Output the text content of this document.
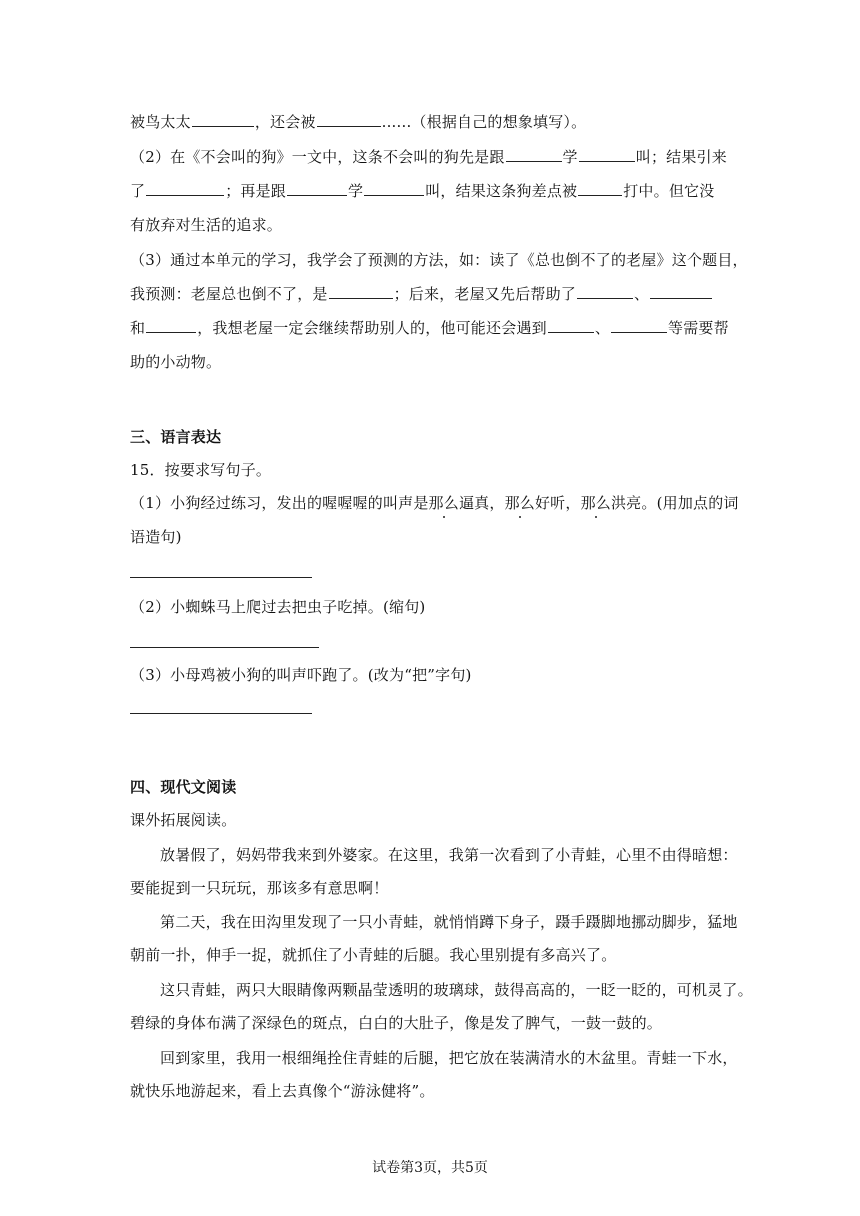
被鸟太太	，还会被	......（根据自己的想象填写）。
（2）在《不会叫的狗》一文中，这条不会叫的狗先是跟	学	叫；结果引来
了	；再是跟	学	叫，结果这条狗差点被	打中。但它没
有放弃对生活的追求。
（3）通过本单元的学习，我学会了预测的方法，如：读了《总也倒不了的老屋》这个题目，
我预测：老屋总也倒不了，是	；后来，老屋又先后帮助了	、
和	，我想老屋一定会继续帮助别人的，他可能还会遇到	、	等需要帮
助的小动物。
三、语言表达
15．按要求写句子。
（1）小狗经过练习，发出的喔喔喔的叫声是那么逼真，那么好听，那么洪亮。(用加点的词
语造句)
（2）小蜘蛛马上爬过去把虫子吃掉。(缩句)
（3）小母鸡被小狗的叫声吓跑了。(改为“把”字句)
四、现代文阅读
课外拓展阅读。
放暑假了，妈妈带我来到外婆家。在这里，我第一次看到了小青蛙，心里不由得暗想：
要能捉到一只玩玩，那该多有意思啊！
第二天，我在田沟里发现了一只小青蛙，就悄悄蹲下身子，蹑手蹑脚地挪动脚步，猛地
朝前一扑，伸手一捉，就抓住了小青蛙的后腿。我心里别提有多高兴了。
这只青蛙，两只大眼睛像两颗晶莹透明的玻璃球，鼓得高高的，一眨一眨的，可机灵了。
碧绿的身体布满了深绿色的斑点，白白的大肚子，像是发了脾气，一鼓一鼓的。
回到家里，我用一根细绳拴住青蛙的后腿，把它放在装满清水的木盆里。青蛙一下水，
就快乐地游起来，看上去真像个“游泳健将”。
试卷第3页，共5页
